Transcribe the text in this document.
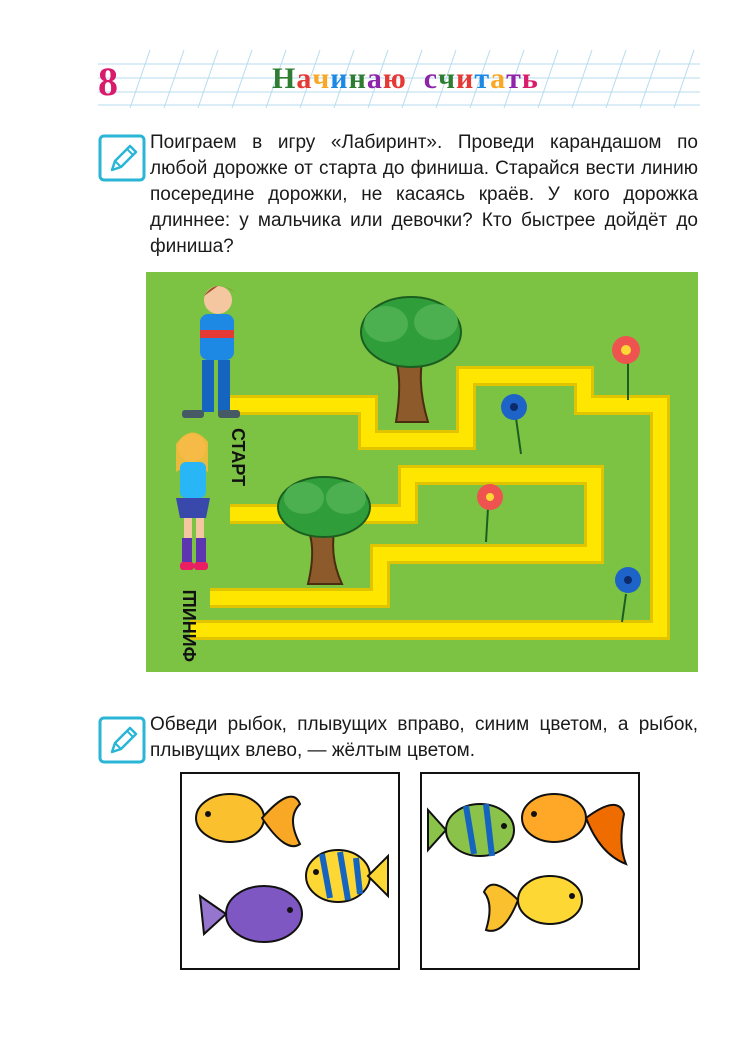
8	Начинаю считать
Поиграем в игру «Лабиринт». Проведи карандашом по любой дорожке от старта до финиша. Старайся вести линию посередине дорожки, не касаясь краёв. У кого дорожка длиннее: у мальчика или девочки? Кто быстрее дойдёт до финиша?
СТАРТ
ФИНИШ
Обведи рыбок, плывущих вправо, синим цветом, а рыбок, плывущих влево, — жёлтым цветом.
